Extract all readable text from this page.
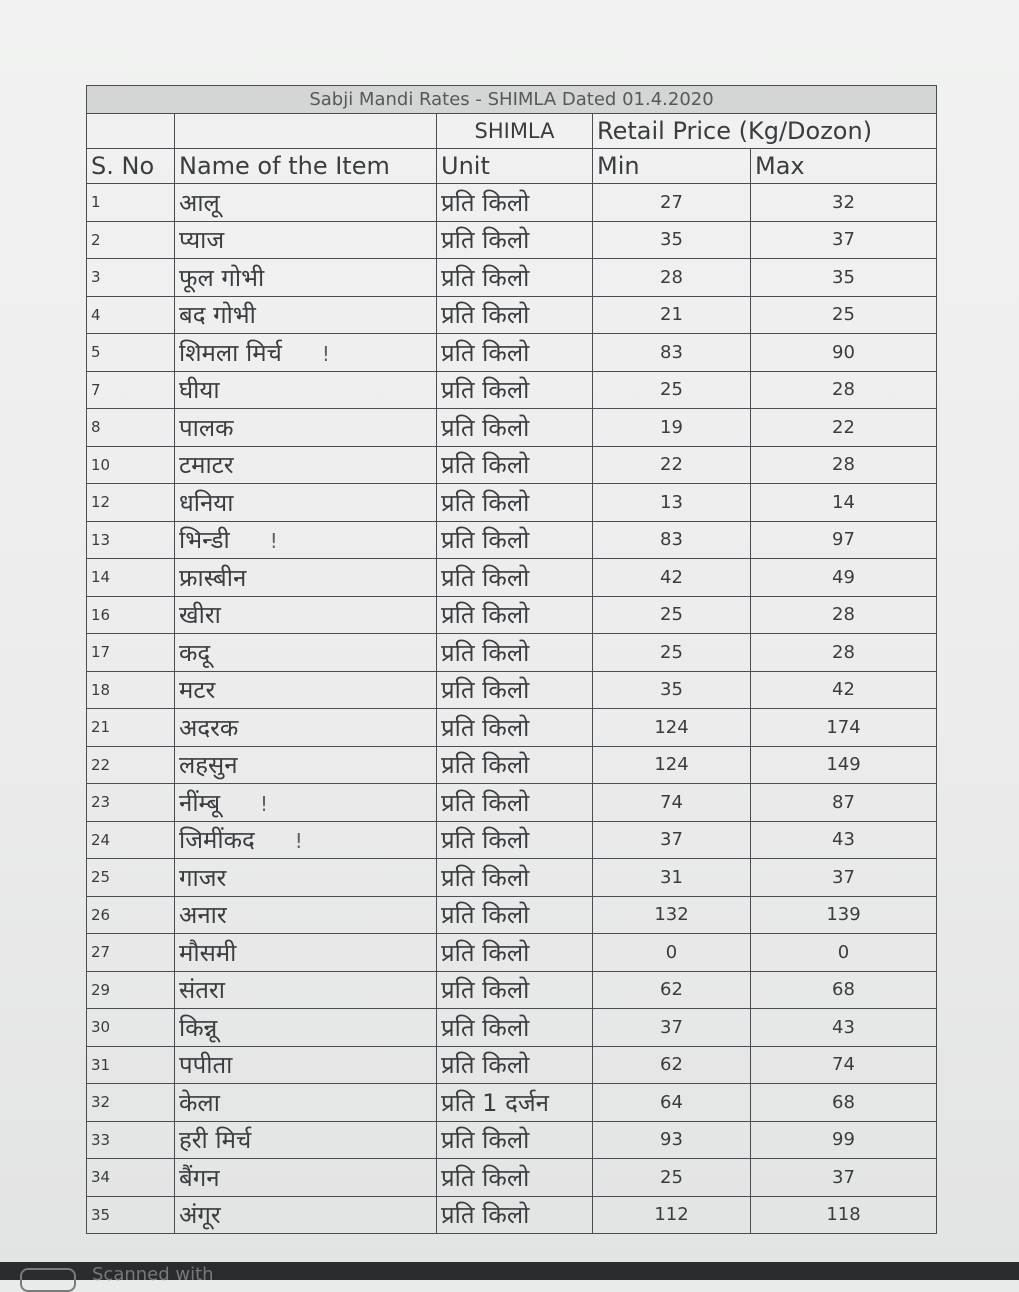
Sabji Mandi Rates - SHIMLA Dated 01.4.2020				
		SHIMLA	Retail Price (Kg/Dozon)	
S. No	Name of the Item	Unit	Min	Max
1	आलू	प्रति किलो	27	32
2	प्याज	प्रति किलो	35	37
3	फूल गोभी	प्रति किलो	28	35
4	बद गोभी	प्रति किलो	21	25
5	शिमला मिर्च !	प्रति किलो	83	90
7	घीया	प्रति किलो	25	28
8	पालक	प्रति किलो	19	22
10	टमाटर	प्रति किलो	22	28
12	धनिया	प्रति किलो	13	14
13	भिन्डी !	प्रति किलो	83	97
14	फ्रास्बीन	प्रति किलो	42	49
16	खीरा	प्रति किलो	25	28
17	कदू	प्रति किलो	25	28
18	मटर	प्रति किलो	35	42
21	अदरक	प्रति किलो	124	174
22	लहसुन	प्रति किलो	124	149
23	नींम्बू !	प्रति किलो	74	87
24	जिमींकद !	प्रति किलो	37	43
25	गाजर	प्रति किलो	31	37
26	अनार	प्रति किलो	132	139
27	मौसमी	प्रति किलो	0	0
29	संतरा	प्रति किलो	62	68
30	किन्नू	प्रति किलो	37	43
31	पपीता	प्रति किलो	62	74
32	केला	प्रति 1 दर्जन	64	68
33	हरी मिर्च	प्रति किलो	93	99
34	बैंगन	प्रति किलो	25	37
35	अंगूर	प्रति किलो	112	118
Scanned with
